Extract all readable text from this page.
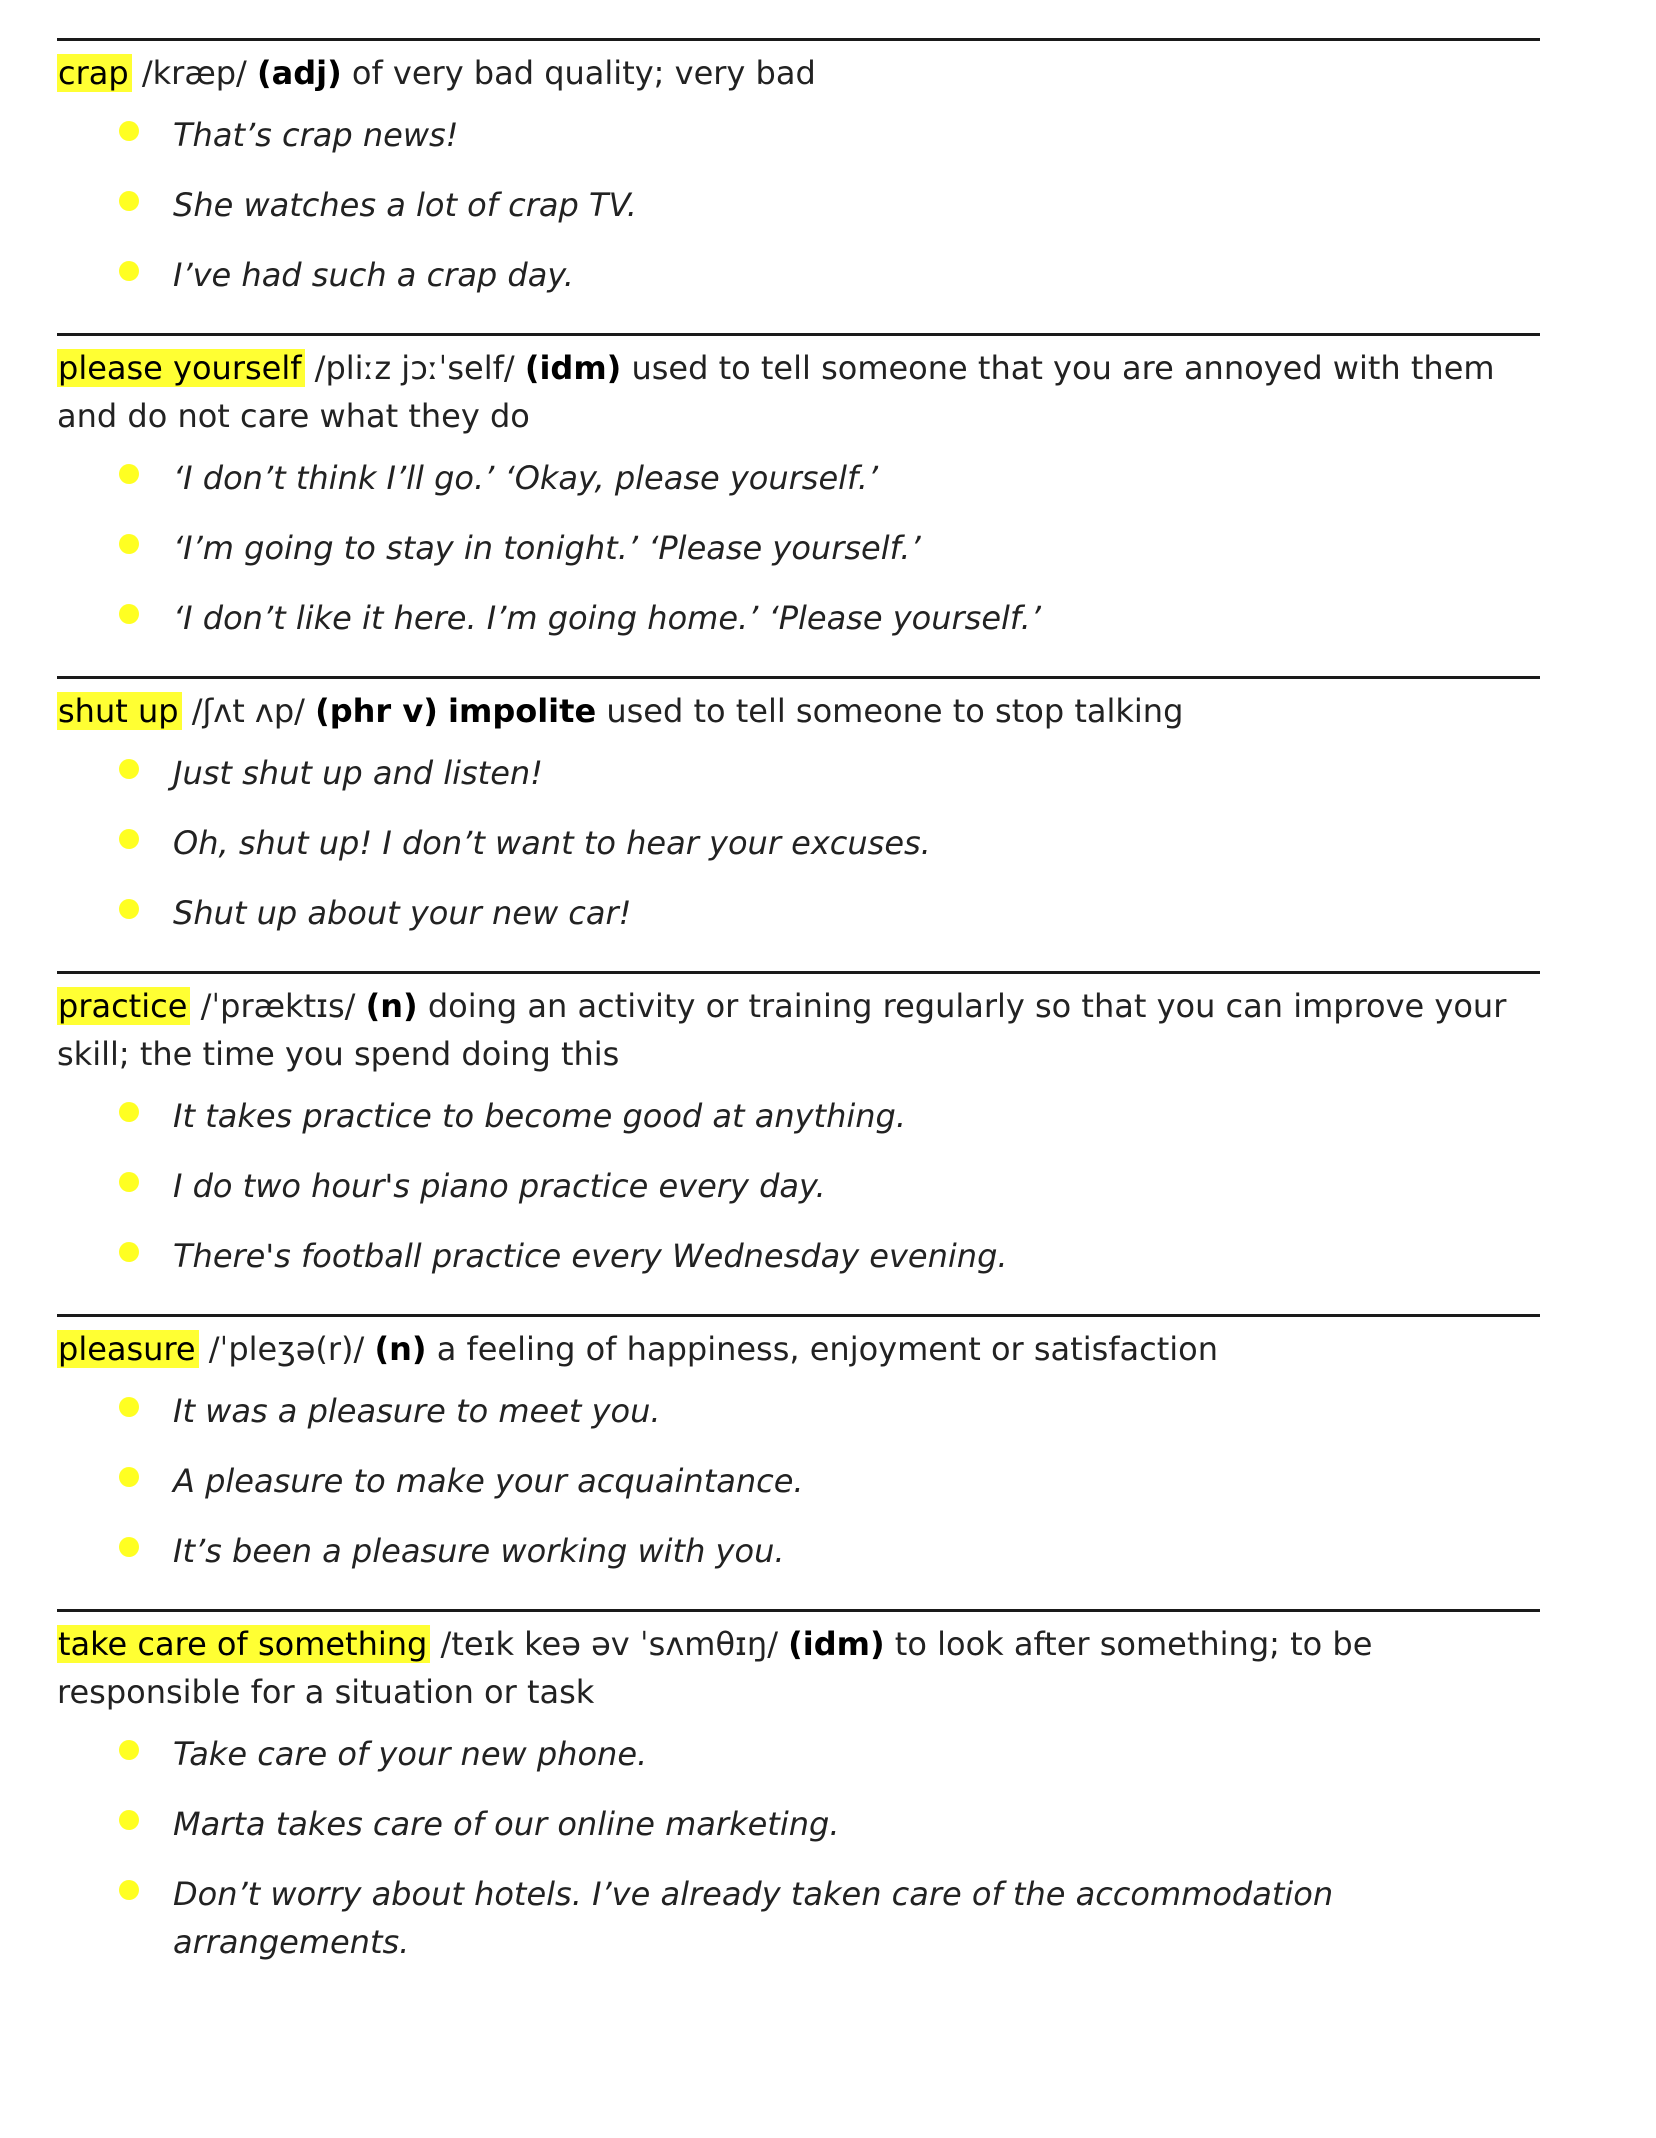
crap /kræp/ (adj) of very bad quality; very bad

That’s crap news!
She watches a lot of crap TV.
I’ve had such a crap day.

please yourself /pliːz jɔːˈself/ (idm) used to tell someone that you are annoyed with them and do not care what they do

‘I don’t think I’ll go.’ ‘Okay, please yourself.’
‘I’m going to stay in tonight.’ ‘Please yourself.’
‘I don’t like it here. I’m going home.’ ‘Please yourself.’

shut up /ʃʌt ʌp/ (phr v) impolite used to tell someone to stop talking

Just shut up and listen!
Oh, shut up! I don’t want to hear your excuses.
Shut up about your new car!

practice /ˈpræktɪs/ (n) doing an activity or training regularly so that you can improve your skill; the time you spend doing this

It takes practice to become good at anything.
I do two hour's piano practice every day.
There's football practice every Wednesday evening.

pleasure /ˈpleʒə(r)/ (n) a feeling of happiness, enjoyment or satisfaction

It was a pleasure to meet you.
A pleasure to make your acquaintance.
It’s been a pleasure working with you.

take care of something /teɪk keə əv ˈsʌmθɪŋ/ (idm) to look after something; to be responsible for a situation or task

Take care of your new phone.
Marta takes care of our online marketing.
Don’t worry about hotels. I’ve already taken care of the accommodation arrangements.
